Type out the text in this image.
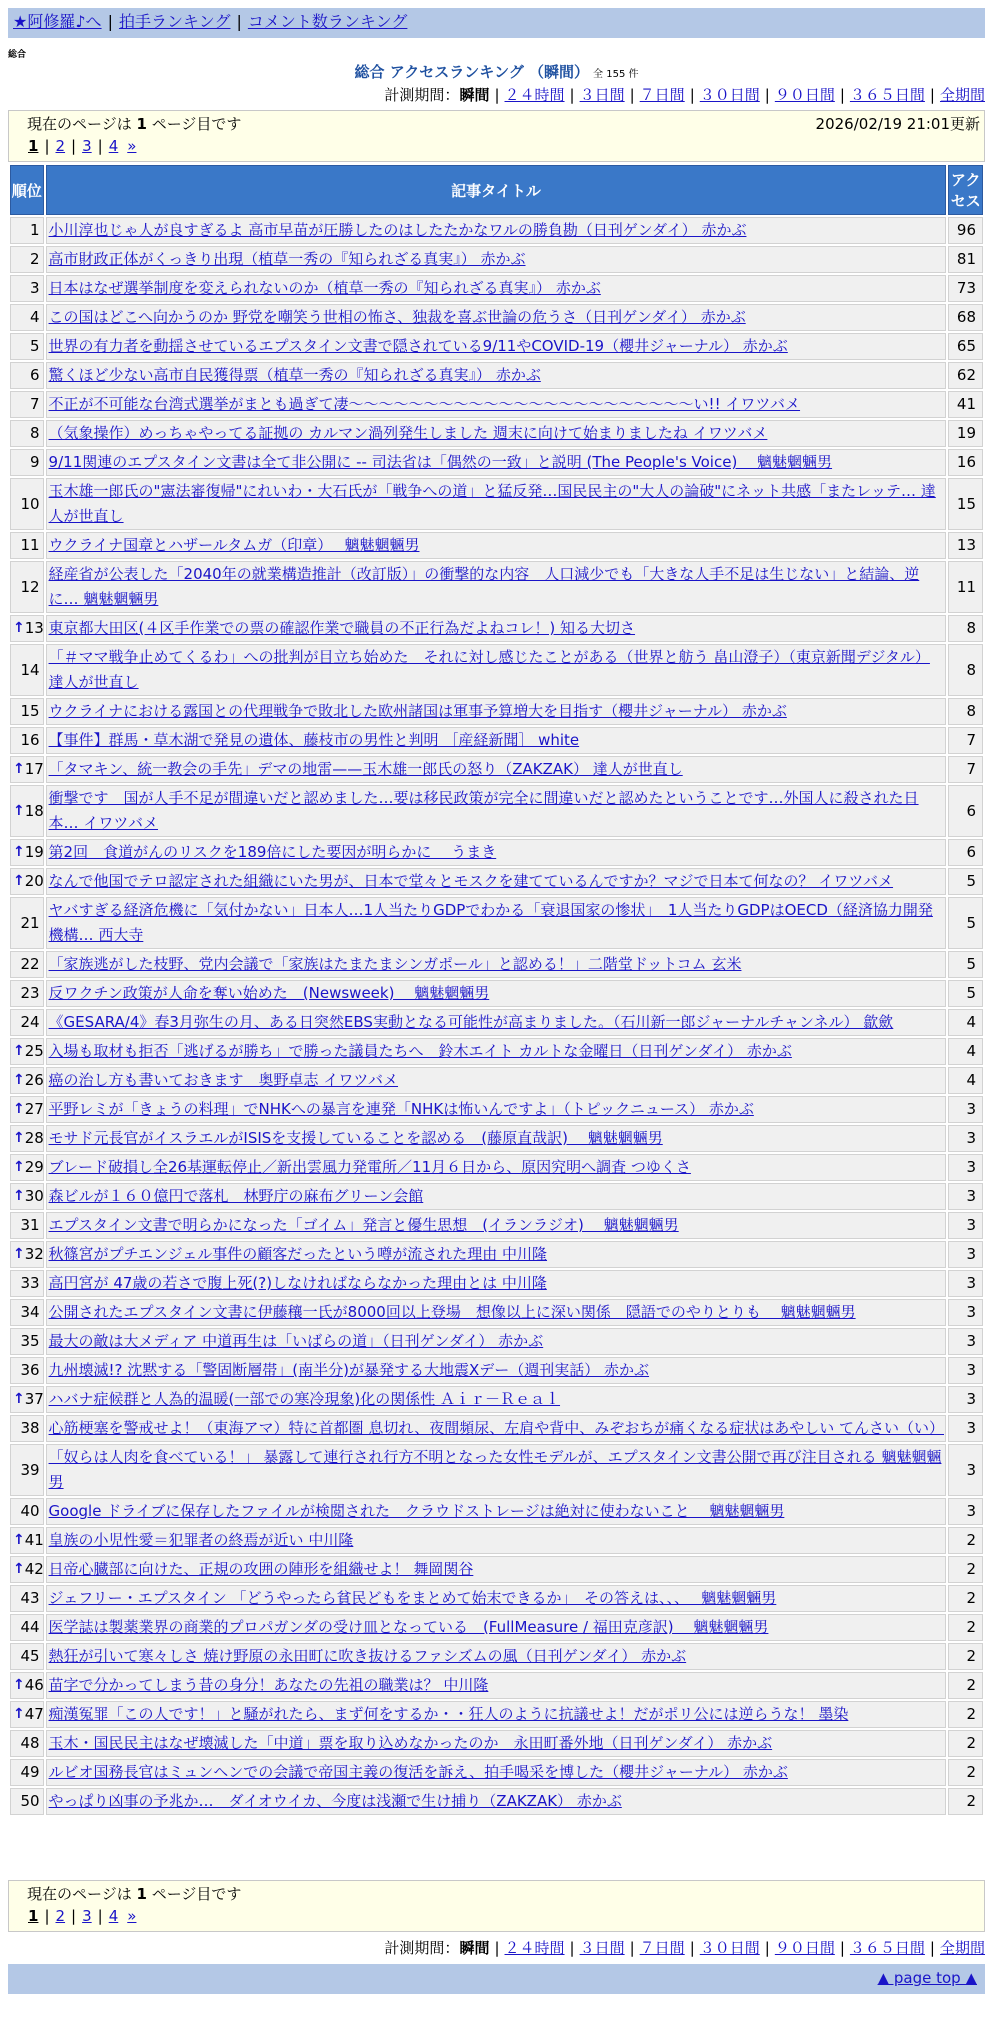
★阿修羅♪へ | 拍手ランキング | コメント数ランキング
総合
総合 アクセスランキング （瞬間） 全 155 件
計測期間：瞬間 | ２４時間 | ３日間 | ７日間 | ３０日間 | ９０日間 | ３６５日間 | 全期間
現在のページは 1 ページ目です	2026/02/19 21:01更新
1 | 2 | 3 | 4 »
順位	記事タイトル	アクセス
1	小川淳也じゃ人が良すぎるよ 高市早苗が圧勝したのはしたたかなワルの勝負勘（日刊ゲンダイ） 赤かぶ	96
2	高市財政正体がくっきり出現（植草一秀の『知られざる真実』） 赤かぶ	81
3	日本はなぜ選挙制度を変えられないのか（植草一秀の『知られざる真実』） 赤かぶ	73
4	この国はどこへ向かうのか 野党を嘲笑う世相の怖さ、独裁を喜ぶ世論の危うさ（日刊ゲンダイ） 赤かぶ	68
5	世界の有力者を動揺させているエプスタイン文書で隠されている9/11やCOVID-19（櫻井ジャーナル） 赤かぶ	65
6	驚くほど少ない高市自民獲得票（植草一秀の『知られざる真実』） 赤かぶ	62
7	不正が不可能な台湾式選挙がまとも過ぎて凄〜〜〜〜〜〜〜〜〜〜〜〜〜〜〜〜〜〜〜〜〜〜〜い!! イワツバメ	41
8	（気象操作）めっちゃやってる証拠の カルマン渦列発生しました 週末に向けて始まりましたね イワツバメ	19
9	9/11関連のエプスタイン文書は全て非公開に -- 司法省は「偶然の一致」と説明 (The People's Voice)　 魑魅魍魎男	16
10	玉木雄一郎氏の"憲法審復帰"にれいわ・大石氏が「戦争への道」と猛反発…国民民主の"大人の論破"にネット共感「またレッテ… 達人が世直し	15
11	ウクライナ国章とハザールタムガ（印章）　 魑魅魍魎男	13
12	経産省が公表した「2040年の就業構造推計（改訂版）」の衝撃的な内容　人口減少でも「大きな人手不足は生じない」と結論、逆に… 魑魅魍魎男	11

↑ 13	東京都大田区(４区手作業での票の確認作業で職員の不正行為だよねコレ！) 知る大切さ	8
14	「＃ママ戦争止めてくるわ」への批判が目立ち始めた　それに対し感じたことがある（世界と舫う 畠山澄子）（東京新聞デジタル） 達人が世直し	8
15	ウクライナにおける露国との代理戦争で敗北した欧州諸国は軍事予算増大を目指す（櫻井ジャーナル） 赤かぶ	8
16	【事件】群馬・草木湖で発見の遺体、藤枝市の男性と判明 ［産経新聞］ white	7

↑ 17	「タマキン、統一教会の手先」デマの地雷——玉木雄一郎氏の怒り（ZAKZAK） 達人が世直し	7

↑ 18	衝撃です　国が人手不足が間違いだと認めました…要は移民政策が完全に間違いだと認めたということです…外国人に殺された日本… イワツバメ	6

↑ 19	第2回　食道がんのリスクを189倍にした要因が明らかに　 うまき	6

↑ 20	なんで他国でテロ認定された組織にいた男が、日本で堂々とモスクを建てているんですか？マジで日本て何なの？ イワツバメ	5
21	ヤバすぎる経済危機に「気付かない」日本人…1人当たりGDPでわかる「衰退国家の惨状」　1人当たりGDPはOECD（経済協力開発機構… 西大寺	5
22	「家族逃がした枝野、党内会議で「家族はたまたまシンガポール」と認める！」二階堂ドットコム 玄米	5
23	反ワクチン政策が人命を奪い始めた　(Newsweek)　 魑魅魍魎男	5
24	《GESARA/4》春3月弥生の月、ある日突然EBS実動となる可能性が高まりました。（石川新一郎ジャーナルチャンネル） 歙歛	4

↑ 25	入場も取材も拒否「逃げるが勝ち」で勝った議員たちへ　鈴木エイト カルトな金曜日（日刊ゲンダイ） 赤かぶ	4

↑ 26	癌の治し方も書いておきます　奥野卓志 イワツバメ	4

↑ 27	平野レミが「きょうの料理」でNHKへの暴言を連発「NHKは怖いんですよ」（トピックニュース） 赤かぶ	3

↑ 28	モサド元長官がイスラエルがISISを支援していることを認める　(藤原直哉訳)　 魑魅魍魎男	3

↑ 29	ブレード破損し全26基運転停止／新出雲風力発電所／11月６日から、原因究明へ調査 つゆくさ	3

↑ 30	森ビルが１６０億円で落札　林野庁の麻布グリーン会館	3
31	エプスタイン文書で明らかになった「ゴイム」発言と優生思想　(イランラジオ)　 魑魅魍魎男	3

↑ 32	秋篠宮がプチエンジェル事件の顧客だったという噂が流された理由 中川隆	3
33	高円宮が 47歳の若さで腹上死(?)しなければならなかった理由とは 中川隆	3
34	公開されたエプスタイン文書に伊藤穰一氏が8000回以上登場　想像以上に深い関係　隠語でのやりとりも　 魑魅魍魎男	3
35	最大の敵は大メディア 中道再生は「いばらの道」（日刊ゲンダイ） 赤かぶ	3
36	九州壊滅!? 沈黙する「警固断層帯」(南半分)が暴発する大地震Xデー（週刊実話） 赤かぶ	3

↑ 37	ハバナ症候群と人為的温暖(一部での寒冷現象)化の関係性 Ａｉｒ－Ｒｅａｌ	3
38	心筋梗塞を警戒せよ！（東海アマ）特に首都圏 息切れ、夜間頻尿、左肩や背中、みぞおちが痛くなる症状はあやしい てんさい（い）	3
39	「奴らは人肉を食べている！」 暴露して連行され行方不明となった女性モデルが、エプスタイン文書公開で再び注目される 魑魅魍魎男	3
40	Google ドライブに保存したファイルが検閲された　クラウドストレージは絶対に使わないこと　 魑魅魍魎男	3

↑ 41	皇族の小児性愛＝犯罪者の終焉が近い 中川隆	2

↑ 42	日帝心臓部に向けた、正規の攻囲の陣形を組織せよ！ 舞岡関谷	2
43	ジェフリー・エプスタイン 「どうやったら貧民どもをまとめて始末できるか」　その答えは、、、　 魑魅魍魎男	2
44	医学誌は製薬業界の商業的プロパガンダの受け皿となっている　(FullMeasure / 福田克彦訳)　 魑魅魍魎男	2
45	熱狂が引いて寒々しさ 焼け野原の永田町に吹き抜けるファシズムの風（日刊ゲンダイ） 赤かぶ	2

↑ 46	苗字で分かってしまう昔の身分！あなたの先祖の職業は？ 中川隆	2

↑ 47	痴漢冤罪「この人です！」と騒がれたら、まず何をするか・・狂人のように抗議せよ！だがポリ公には逆らうな！ 墨染	2
48	玉木・国民民主はなぜ壊滅した「中道」票を取り込めなかったのか　永田町番外地（日刊ゲンダイ） 赤かぶ	2
49	ルビオ国務長官はミュンヘンでの会議で帝国主義の復活を訴え、拍手喝采を博した（櫻井ジャーナル） 赤かぶ	2
50	やっぱり凶事の予兆か…　ダイオウイカ、今度は浅瀬で生け捕り（ZAKZAK） 赤かぶ	2
現在のページは 1 ページ目です
1 | 2 | 3 | 4 »
計測期間：瞬間 | ２４時間 | ３日間 | ７日間 | ３０日間 | ９０日間 | ３６５日間 | 全期間
▲ page top ▲
